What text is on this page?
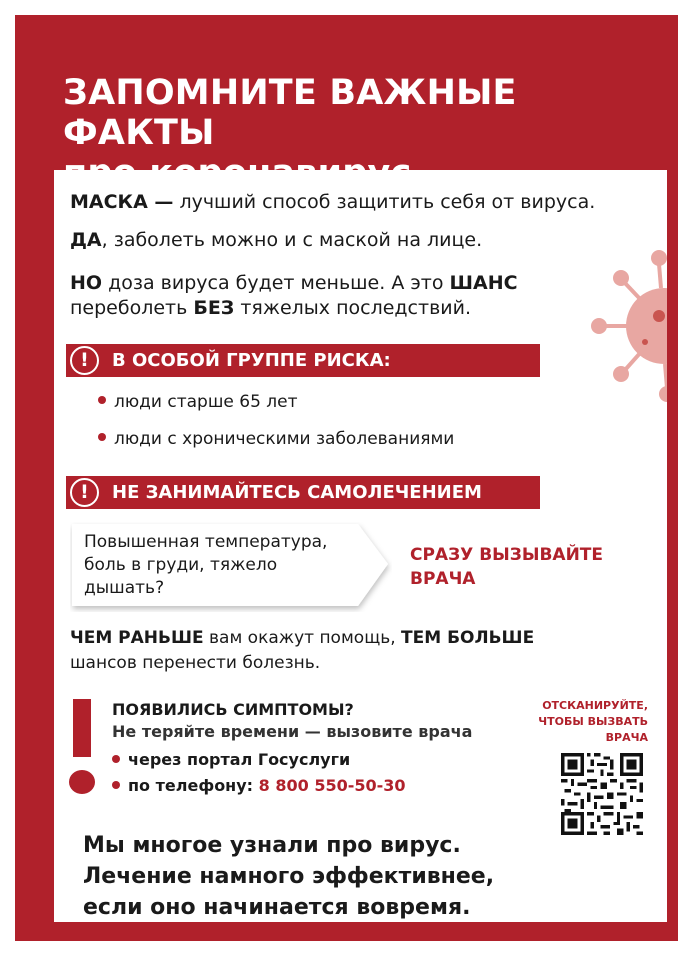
ЗАПОМНИТЕ ВАЖНЫЕ ФАКТЫ

МАСКА — лучший способ защитить себя от вируса.

ДА, заболеть можно и с маской на лице.

НО доза вируса будет меньше. А это ШАНС

переболеть БЕЗ тяжелых последствий.

!	В ОСОБОЙ ГРУППЕ РИСКА:
люди старше 65 лет
люди с хроническими заболеваниями
!	НЕ ЗАНИМАЙТЕСЬ САМОЛЕЧЕНИЕМ
Повышенная температура,
боль в груди, тяжело
дышать?
СРАЗУ ВЫЗЫВАЙТЕ
ВРАЧА

ЧЕМ РАНЬШЕ вам окажут помощь, ТЕМ БОЛЬШЕ

шансов перенести болезнь.

ПОЯВИЛИСЬ СИМПТОМЫ?

Не теряйте времени — вызовите врача

через портал Госуслуги
по телефону: 8 800 550-50-30
ОТСКАНИРУЙТЕ,
ЧТОБЫ ВЫЗВАТЬ
ВРАЧА
Мы многое узнали про вирус.
Лечение намного эффективнее,
если оно начинается вовремя.
